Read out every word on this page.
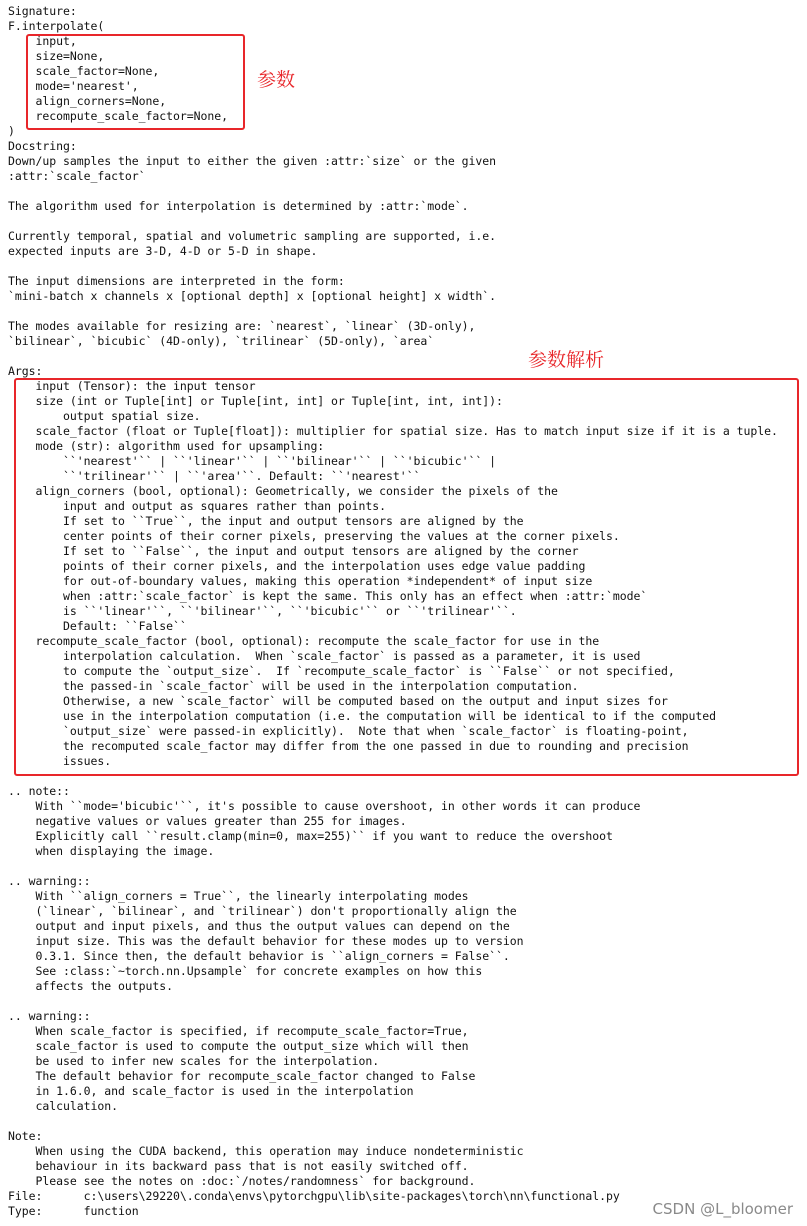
Signature:
F.interpolate(
input,
size=None,
scale_factor=None,
mode='nearest',
align_corners=None,
recompute_scale_factor=None,
)
Docstring:
Down/up samples the input to either the given :attr:`size` or the given
:attr:`scale_factor`
The algorithm used for interpolation is determined by :attr:`mode`.
Currently temporal, spatial and volumetric sampling are supported, i.e.
expected inputs are 3-D, 4-D or 5-D in shape.
The input dimensions are interpreted in the form:
`mini-batch x channels x [optional depth] x [optional height] x width`.
The modes available for resizing are: `nearest`, `linear` (3D-only),
`bilinear`, `bicubic` (4D-only), `trilinear` (5D-only), `area`
Args:
input (Tensor): the input tensor
size (int or Tuple[int] or Tuple[int, int] or Tuple[int, int, int]):
output spatial size.
scale_factor (float or Tuple[float]): multiplier for spatial size. Has to match input size if it is a tuple.
mode (str): algorithm used for upsampling:
``'nearest'`` | ``'linear'`` | ``'bilinear'`` | ``'bicubic'`` |
``'trilinear'`` | ``'area'``. Default: ``'nearest'``
align_corners (bool, optional): Geometrically, we consider the pixels of the
input and output as squares rather than points.
If set to ``True``, the input and output tensors are aligned by the
center points of their corner pixels, preserving the values at the corner pixels.
If set to ``False``, the input and output tensors are aligned by the corner
points of their corner pixels, and the interpolation uses edge value padding
for out-of-boundary values, making this operation *independent* of input size
when :attr:`scale_factor` is kept the same. This only has an effect when :attr:`mode`
is ``'linear'``, ``'bilinear'``, ``'bicubic'`` or ``'trilinear'``.
Default: ``False``
recompute_scale_factor (bool, optional): recompute the scale_factor for use in the
interpolation calculation.  When `scale_factor` is passed as a parameter, it is used
to compute the `output_size`.  If `recompute_scale_factor` is ``False`` or not specified,
the passed-in `scale_factor` will be used in the interpolation computation.
Otherwise, a new `scale_factor` will be computed based on the output and input sizes for
use in the interpolation computation (i.e. the computation will be identical to if the computed
`output_size` were passed-in explicitly).  Note that when `scale_factor` is floating-point,
the recomputed scale_factor may differ from the one passed in due to rounding and precision
issues.
.. note::
With ``mode='bicubic'``, it's possible to cause overshoot, in other words it can produce
negative values or values greater than 255 for images.
Explicitly call ``result.clamp(min=0, max=255)`` if you want to reduce the overshoot
when displaying the image.
.. warning::
With ``align_corners = True``, the linearly interpolating modes
(`linear`, `bilinear`, and `trilinear`) don't proportionally align the
output and input pixels, and thus the output values can depend on the
input size. This was the default behavior for these modes up to version
0.3.1. Since then, the default behavior is ``align_corners = False``.
See :class:`~torch.nn.Upsample` for concrete examples on how this
affects the outputs.
.. warning::
When scale_factor is specified, if recompute_scale_factor=True,
scale_factor is used to compute the output_size which will then
be used to infer new scales for the interpolation.
The default behavior for recompute_scale_factor changed to False
in 1.6.0, and scale_factor is used in the interpolation
calculation.
Note:
When using the CUDA backend, this operation may induce nondeterministic
behaviour in its backward pass that is not easily switched off.
Please see the notes on :doc:`/notes/randomness` for background.
File:      c:\users\29220\.conda\envs\pytorchgpu\lib\site-packages\torch\nn\functional.py
Type:      function
参数
参数解析
CSDN @L_bloomer
